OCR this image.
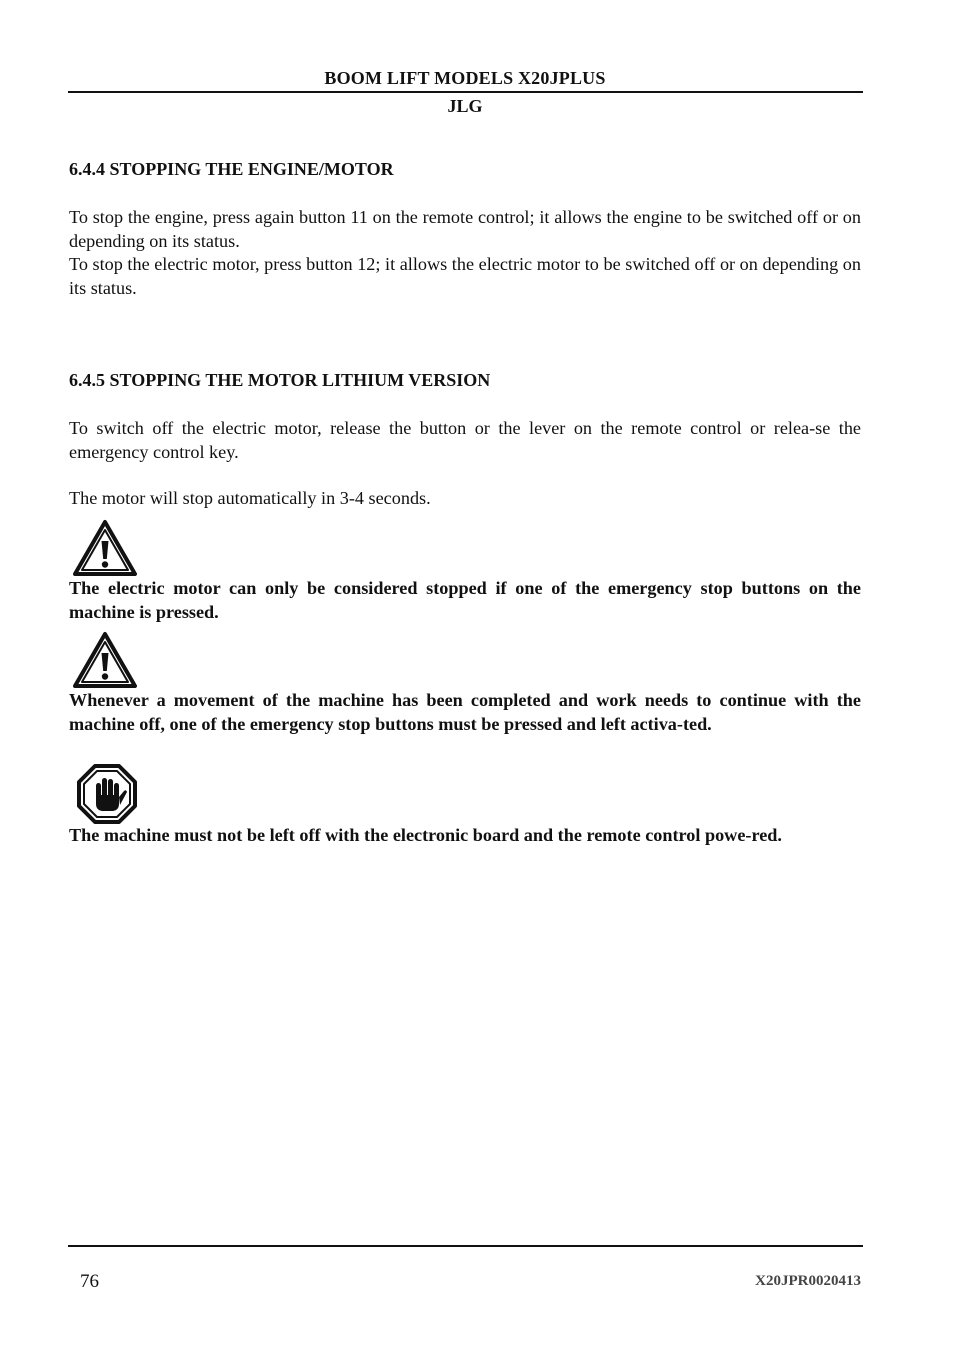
BOOM LIFT MODELS X20JPLUS
JLG
6.4.4 STOPPING THE ENGINE/MOTOR

To stop the engine, press again button 11 on the remote control; it allows the engine to be switched off or on depending on its status.

To stop the electric motor, press button 12; it allows the electric motor to be switched off or on depending on its status.

6.4.5 STOPPING THE MOTOR LITHIUM VERSION

To switch off the electric motor, release the button or the lever on the remote control or relea-se the emergency control key.

The motor will stop automatically in 3-4 seconds.

The electric motor can only be considered stopped if one of the emergency stop buttons on the machine is pressed.

Whenever a movement of the machine has been completed and work needs to continue with the machine off, one of the emergency stop buttons must be pressed and left activa-ted.

The machine must not be left off with the electronic board and the remote control powe-red.

76	X20JPR0020413
